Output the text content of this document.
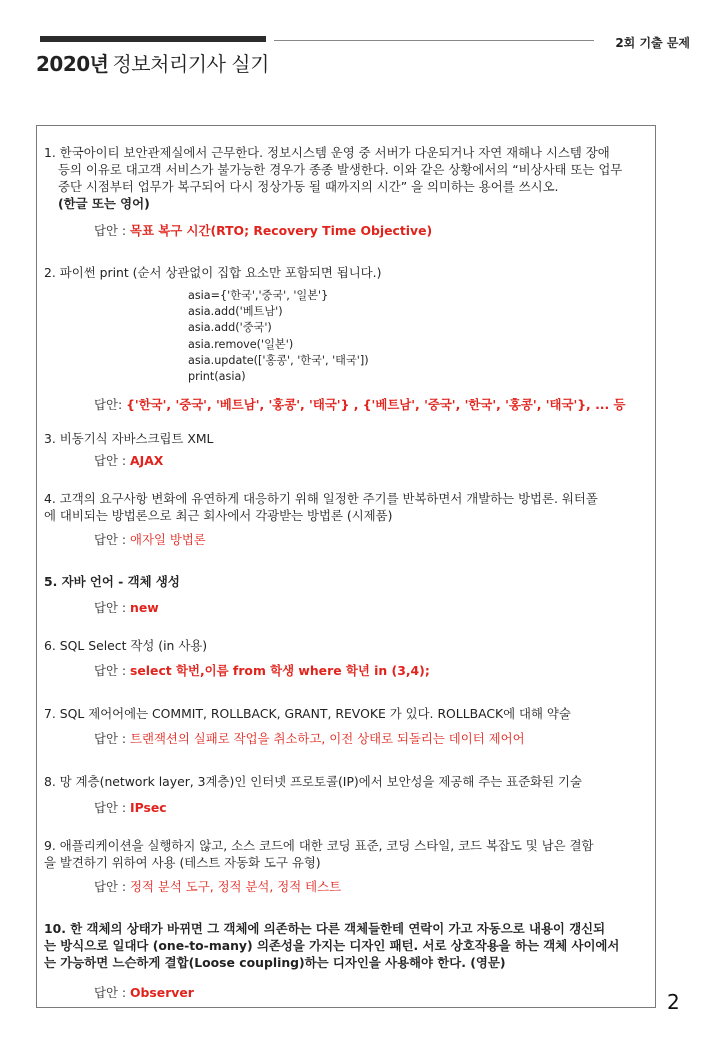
2회 기출 문제
2020년 정보처리기사 실기
1. 한국아이티 보안관제실에서 근무한다. 정보시스템 운영 중 서버가 다운되거나 자연 재해나 시스템 장애
등의 이유로 대고객 서비스가 불가능한 경우가 종종 발생한다. 이와 같은 상황에서의 “비상사태 또는 업무
중단 시점부터 업무가 복구되어 다시 정상가동 될 때까지의 시간” 을 의미하는 용어를 쓰시오.
(한글 또는 영어)
답안 : 목표 복구 시간(RTO; Recovery Time Objective)
2. 파이썬 print (순서 상관없이 집합 요소만 포함되면 됩니다.)
asia={'한국','중국', '일본'}
asia.add('베트남')
asia.add('중국')
asia.remove('일본')
asia.update(['홍콩', '한국', '태국'])
print(asia)
답안: {'한국', '중국', '베트남', '홍콩', '태국'} , {'베트남', '중국', '한국', '홍콩', '태국'}, ... 등
3. 비동기식 자바스크립트 XML
답안 : AJAX
4. 고객의 요구사항 변화에 유연하게 대응하기 위해 일정한 주기를 반복하면서 개발하는 방법론. 워터폴
에 대비되는 방법론으로 최근 회사에서 각광받는 방법론 (시제품)
답안 : 애자일 방법론
5. 자바 언어 - 객체 생성
답안 : new
6. SQL Select 작성 (in 사용)
답안 : select 학번,이름 from 학생 where 학년 in (3,4);
7. SQL 제어어에는 COMMIT, ROLLBACK, GRANT, REVOKE 가 있다. ROLLBACK에 대해 약술
답안 : 트랜잭션의 실패로 작업을 취소하고, 이전 상태로 되돌리는 데이터 제어어
8. 망 계층(network layer, 3계층)인 인터넷 프로토콜(IP)에서 보안성을 제공해 주는 표준화된 기술
답안 : IPsec
9. 애플리케이션을 실행하지 않고, 소스 코드에 대한 코딩 표준, 코딩 스타일, 코드 복잡도 및 남은 결함
을 발견하기 위하여 사용 (테스트 자동화 도구 유형)
답안 : 정적 분석 도구, 정적 분석, 정적 테스트
10. 한 객체의 상태가 바뀌면 그 객체에 의존하는 다른 객체들한테 연락이 가고 자동으로 내용이 갱신되
는 방식으로 일대다 (one-to-many) 의존성을 가지는 디자인 패턴. 서로 상호작용을 하는 객체 사이에서
는 가능하면 느슨하게 결합(Loose coupling)하는 디자인을 사용해야 한다. (영문)
답안 : Observer	2
